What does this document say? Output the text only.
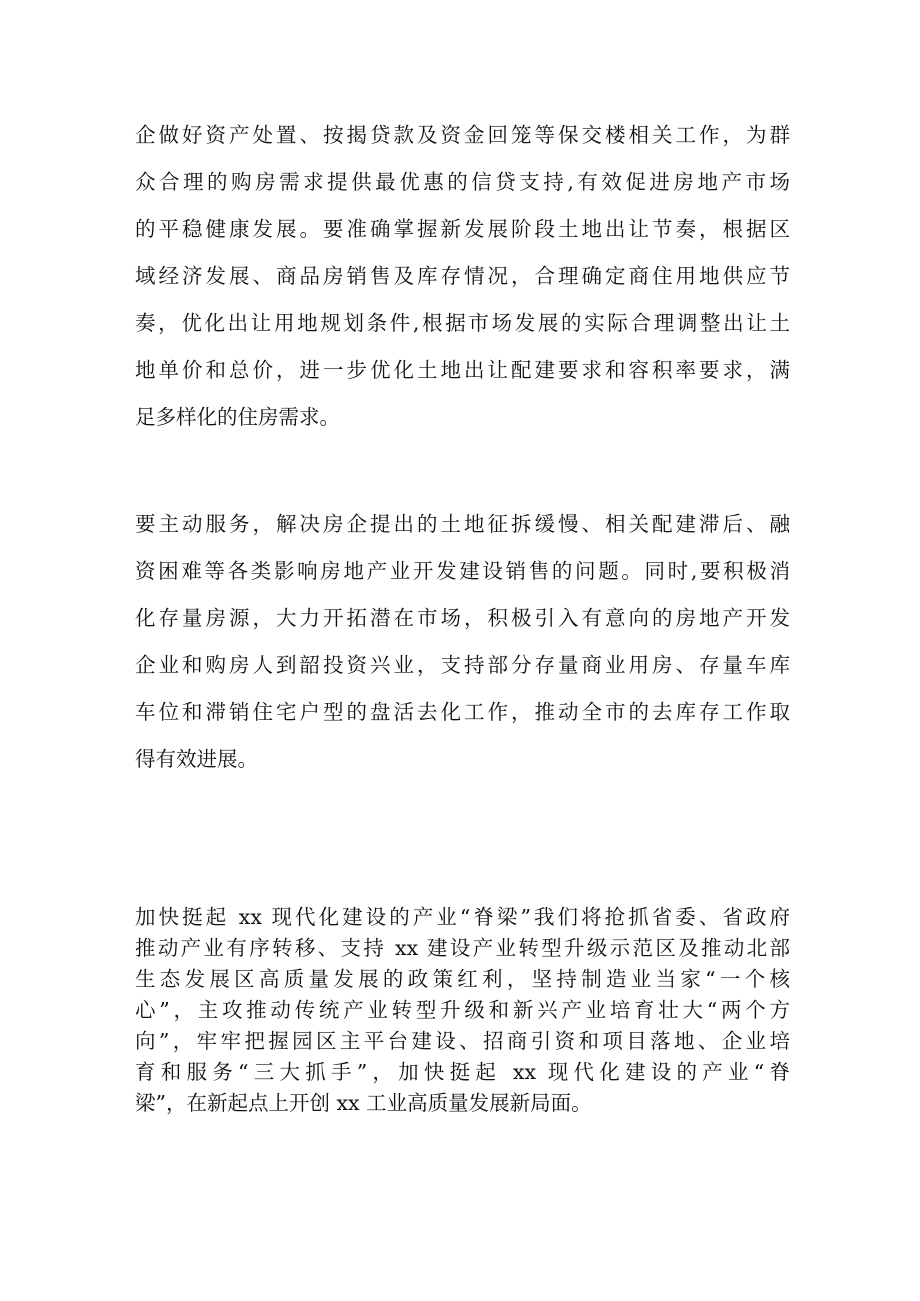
企做好资产处置、按揭贷款及资金回笼等保交楼相关工作，为群
众合理的购房需求提供最优惠的信贷支持,有效促进房地产市场
的平稳健康发展。要准确掌握新发展阶段土地出让节奏，根据区
域经济发展、商品房销售及库存情况，合理确定商住用地供应节
奏，优化出让用地规划条件,根据市场发展的实际合理调整出让土
地单价和总价，进一步优化土地出让配建要求和容积率要求，满
足多样化的住房需求。
要主动服务，解决房企提出的土地征拆缓慢、相关配建滞后、融
资困难等各类影响房地产业开发建设销售的问题。同时,要积极消
化存量房源，大力开拓潜在市场，积极引入有意向的房地产开发
企业和购房人到韶投资兴业，支持部分存量商业用房、存量车库
车位和滞销住宅户型的盘活去化工作，推动全市的去库存工作取
得有效进展。
加快挺起 xx 现代化建设的产业“脊梁”我们将抢抓省委、省政府
推动产业有序转移、支持 xx 建设产业转型升级示范区及推动北部
生态发展区高质量发展的政策红利，坚持制造业当家“一个核
心”，主攻推动传统产业转型升级和新兴产业培育壮大“两个方
向”，牢牢把握园区主平台建设、招商引资和项目落地、企业培
育和服务“三大抓手”，加快挺起 xx 现代化建设的产业“脊
梁”，在新起点上开创 xx 工业高质量发展新局面。
